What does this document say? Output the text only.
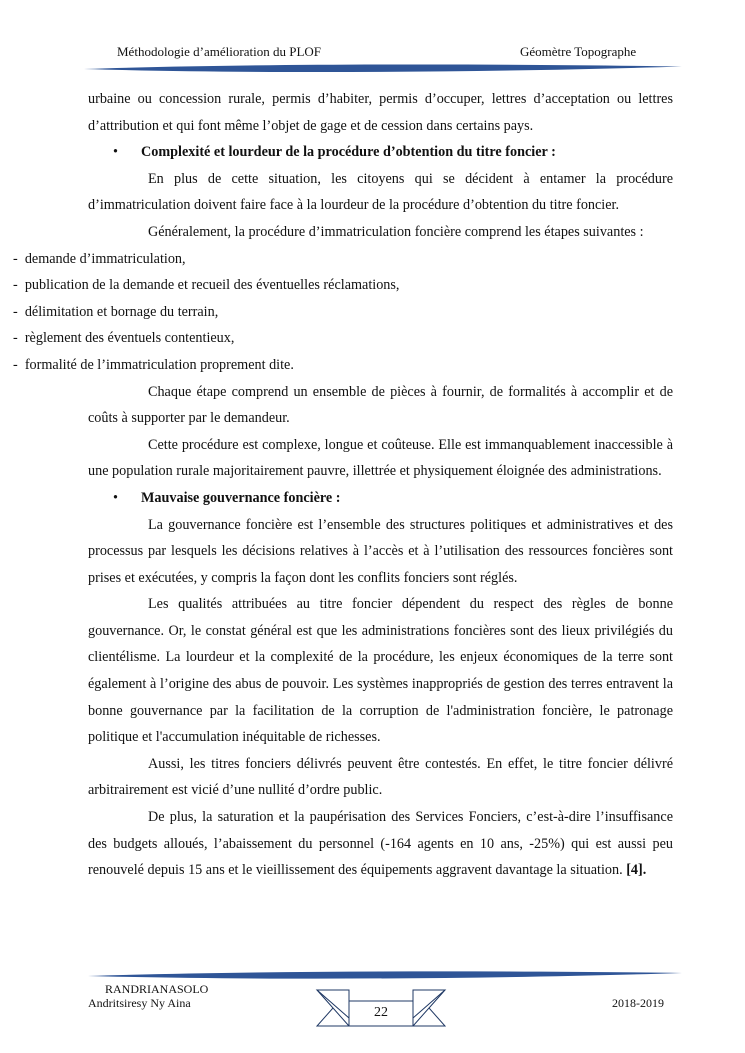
Méthodologie d’amélioration du PLOF	Géomètre Topographe

urbaine ou concession rurale, permis d’habiter, permis d’occuper, lettres d’acceptation ou lettres d’attribution et qui font même l’objet de gage et de cession dans certains pays.

• Complexité et lourdeur de la procédure d’obtention du titre foncier :

En plus de cette situation, les citoyens qui se décident à entamer la procédure d’immatriculation doivent faire face à la lourdeur de la procédure d’obtention du titre foncier.

Généralement, la procédure d’immatriculation foncière comprend les étapes suivantes :

-  demande d’immatriculation,
-  publication de la demande et recueil des éventuelles réclamations,
-  délimitation et bornage du terrain,
-  règlement des éventuels contentieux,
-  formalité de l’immatriculation proprement dite.

Chaque étape comprend un ensemble de pièces à fournir, de formalités à accomplir et de coûts à supporter par le demandeur.

Cette procédure est complexe, longue et coûteuse. Elle est immanquablement inaccessible à une population rurale majoritairement pauvre, illettrée et physiquement éloignée des administrations.

• Mauvaise gouvernance foncière :

La gouvernance foncière est l’ensemble des structures politiques et administratives et des processus par lesquels les décisions relatives à l’accès et à l’utilisation des ressources foncières sont prises et exécutées, y compris la façon dont les conflits fonciers sont réglés.

Les qualités attribuées au titre foncier dépendent du respect des règles de bonne gouvernance. Or, le constat général est que les administrations foncières sont des lieux privilégiés du clientélisme. La lourdeur et la complexité de la procédure, les enjeux économiques de la terre sont également à l’origine des abus de pouvoir. Les systèmes inappropriés de gestion des terres entravent la bonne gouvernance par la facilitation de la corruption de l'administration foncière, le patronage politique et l'accumulation inéquitable de richesses.

Aussi, les titres fonciers délivrés peuvent être contestés. En effet, le titre foncier délivré arbitrairement est vicié d’une nullité d’ordre public.

De plus, la saturation et la paupérisation des Services Fonciers, c’est-à-dire l’insuffisance des budgets alloués, l’abaissement du personnel (-164 agents en 10 ans, -25%) qui est aussi peu renouvelé depuis 15 ans et le vieillissement des équipements aggravent davantage la situation. [4].

22
RANDRIANASOLO
Andritsiresy Ny Aina	2018-2019
